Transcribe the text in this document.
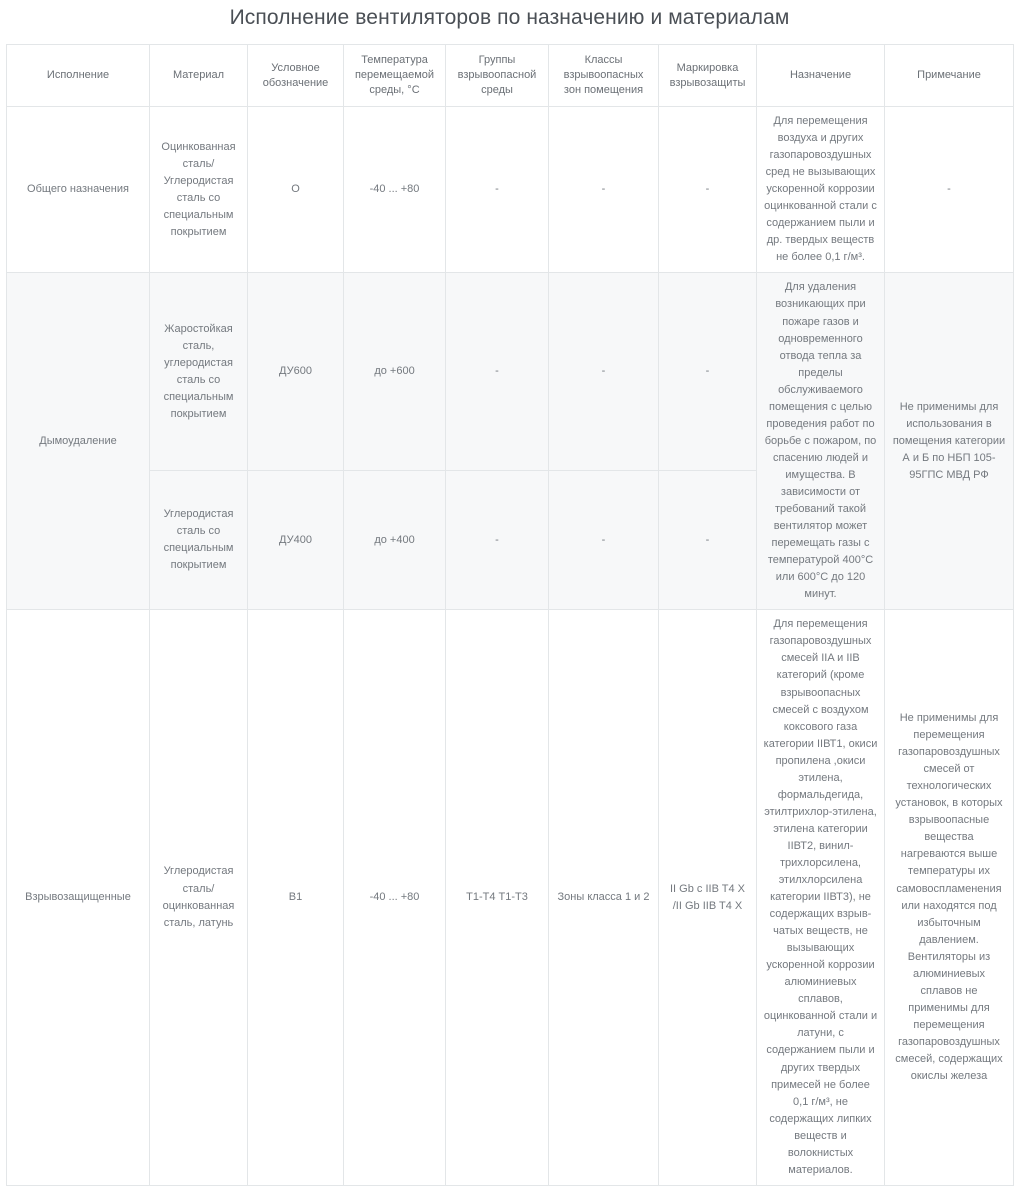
Исполнение вентиляторов по назначению и материалам
Исполнение	Материал	Условное обозначение	Температура перемещаемой среды, °С	Группы взрывоопасной среды	Классы взрывоопасных зон помещения	Маркировка взрывозащиты	Назначение	Примечание
Общего назначения	Оцинкованная сталь/ Углеродистая сталь со специальным покрытием	О	-40 ... +80	-	-	-	Для перемещения воздуха и других газопаровоздушных сред не вызывающих ускоренной коррозии оцинкованной стали с содержанием пыли и др. твердых веществ не более 0,1 г/м³.	-
Дымоудаление	Жаростойкая сталь, углеродистая сталь со специальным покрытием	ДУ600	до +600	-	-	-	Для удаления возникающих при пожаре газов и одновременного отвода тепла за пределы обслуживаемого помещения с целью проведения работ по борьбе с пожаром, по спасению людей и имущества. В зависимости от требований такой вентилятор может перемещать газы с температурой 400°С или 600°С до 120 минут.	Не применимы для использования в помещения категории А и Б по НБП 105-95ГПС МВД РФ
	Углеродистая сталь со специальным покрытием	ДУ400	до +400	-	-	-		
Взрывозащищенные	Углеродистая сталь/ оцинкованная сталь, латунь	В1	-40 ... +80	Т1-Т4 Т1-Т3	Зоны класса 1 и 2	II Gb c IIB T4 X /II Gb IIB T4 X	Для перемещения газопаровоздушных смесей IIA и IIB категорий (кроме взрывоопасных смесей с воздухом коксового газа категории IIВТ1, окиси пропилена ,окиси этилена, формальдегида, этилтрихлор-этилена, этилена категории IIВТ2, винил-трихлорсилена, этилхлорсилена категории IIВТ3), не содержащих взрыв-чатых веществ, не вызывающих ускоренной коррозии алюминиевых сплавов, оцинкованной стали и латуни, с содержанием пыли и других твердых примесей не более 0,1 г/м³, не содержащих липких веществ и волокнистых материалов.	Не применимы для перемещения газопаровоздушных смесей от технологических установок, в которых взрывоопасные вещества нагреваются выше температуры их самовоспламенения или находятся под избыточным давлением. Вентиляторы из алюминиевых сплавов не применимы для перемещения газопаровоздушных смесей, содержащих окислы железа
